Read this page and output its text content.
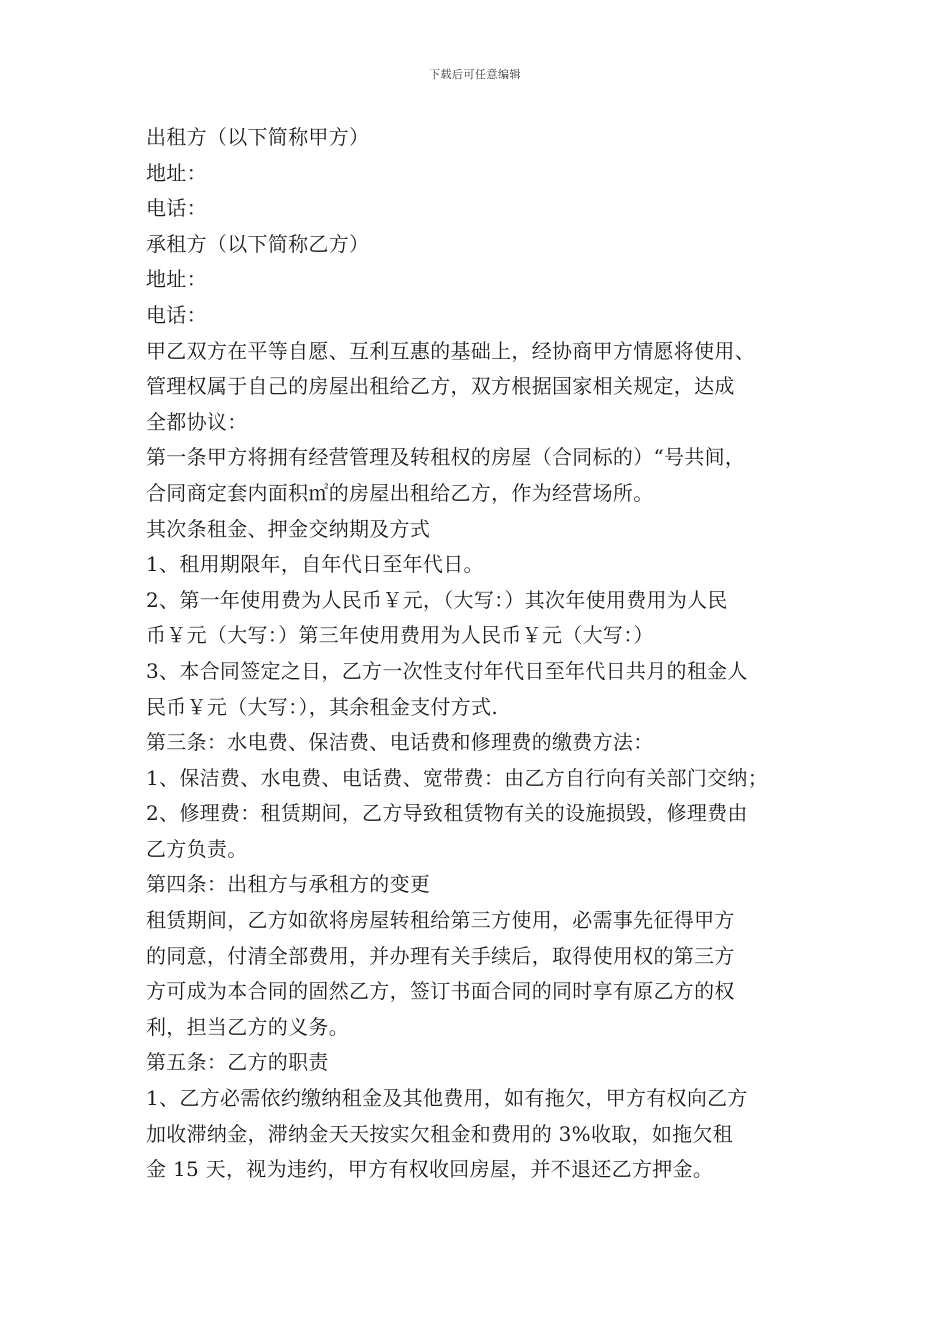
下载后可任意编辑
出租方（以下简称甲方）
地址：
电话：
承租方（以下简称乙方）
地址：
电话：
甲乙双方在平等自愿、互利互惠的基础上，经协商甲方情愿将使用、
管理权属于自己的房屋出租给乙方，双方根据国家相关规定，达成
全都协议：
第一条甲方将拥有经营管理及转租权的房屋（合同标的）“号共间，
合同商定套内面积㎡的房屋出租给乙方，作为经营场所。
其次条租金、押金交纳期及方式
1、租用期限年，自年代日至年代日。
2、第一年使用费为人民币￥元，（大写：）其次年使用费用为人民
币￥元（大写：）第三年使用费用为人民币￥元（大写：）
3、本合同签定之日，乙方一次性支付年代日至年代日共月的租金人
民币￥元（大写：），其余租金支付方式.
第三条：水电费、保洁费、电话费和修理费的缴费方法：
1、保洁费、水电费、电话费、宽带费：由乙方自行向有关部门交纳；
2、修理费：租赁期间，乙方导致租赁物有关的设施损毁，修理费由
乙方负责。
第四条：出租方与承租方的变更
租赁期间，乙方如欲将房屋转租给第三方使用，必需事先征得甲方
的同意，付清全部费用，并办理有关手续后，取得使用权的第三方
方可成为本合同的固然乙方，签订书面合同的同时享有原乙方的权
利，担当乙方的义务。
第五条：乙方的职责
1、乙方必需依约缴纳租金及其他费用，如有拖欠，甲方有权向乙方
加收滞纳金，滞纳金天天按实欠租金和费用的 3%收取，如拖欠租
金 15 天，视为违约，甲方有权收回房屋，并不退还乙方押金。
